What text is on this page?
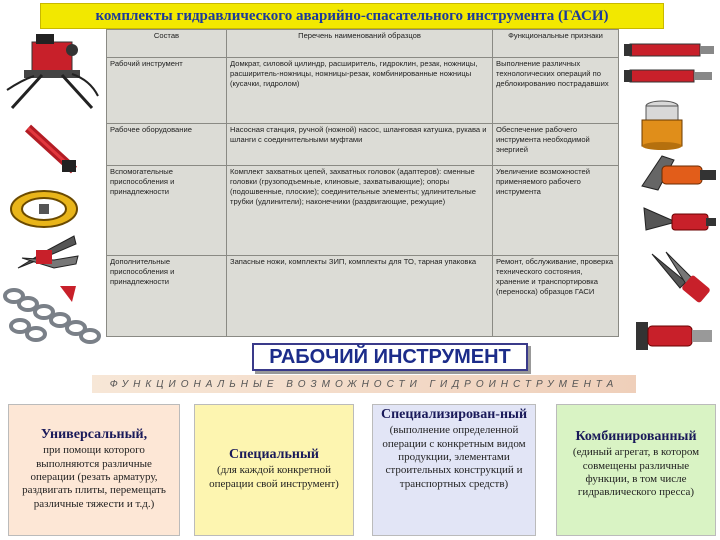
комплекты гидравлического аварийно-спасательного инструмента (ГАСИ)
Состав	Перечень наименований образцов	Функциональные признаки
Рабочий инструмент	Домкрат, силовой цилиндр, расширитель, гидроклин, резак, ножницы, расширитель-ножницы, ножницы-резак, комбинированные ножницы (кусачки, гидролом)	Выполнение различных технологических операций по деблокированию пострадавших
Рабочее оборудование	Насосная станция, ручной (ножной) насос, шланговая катушка, рукава и шланги с соединительными муфтами	Обеспечение рабочего инструмента необходимой энергией
Вспомогательные приспособления и принадлежности	Комплект захватных цепей, захватных головок (адаптеров): сменные головки (грузоподъемные, клиновые, захватывающие); опоры (подошвенные, плоские); соединительные элементы; удлинительные трубки (удлинители); наконечники (раздвигающие, режущие)	Увеличение возможностей применяемого рабочего инструмента
Дополнительные приспособления и принадлежности	Запасные ножи, комплекты ЗИП, комплекты для ТО, тарная упаковка	Ремонт, обслуживание, проверка технического состояния, хранение и транспортировка (переноска) образцов ГАСИ
РАБОЧИЙ ИНСТРУМЕНТ
ФУНКЦИОНАЛЬНЫЕ ВОЗМОЖНОСТИ ГИДРОИНСТРУМЕНТА
Универсальный,
при помощи которого выполняются различные операции (резать арматуру, раздвигать плиты, перемещать различные тяжести и т.д.)
Специальный
(для каждой конкретной операции свой инструмент)
Специализирован-ный
(выполнение определенной операции с конкретным видом продукции, элементами строительных конструкций и транспортных средств)
Комбинированный
(единый агрегат, в котором совмещены различные функции, в том числе гидравлического пресса)
